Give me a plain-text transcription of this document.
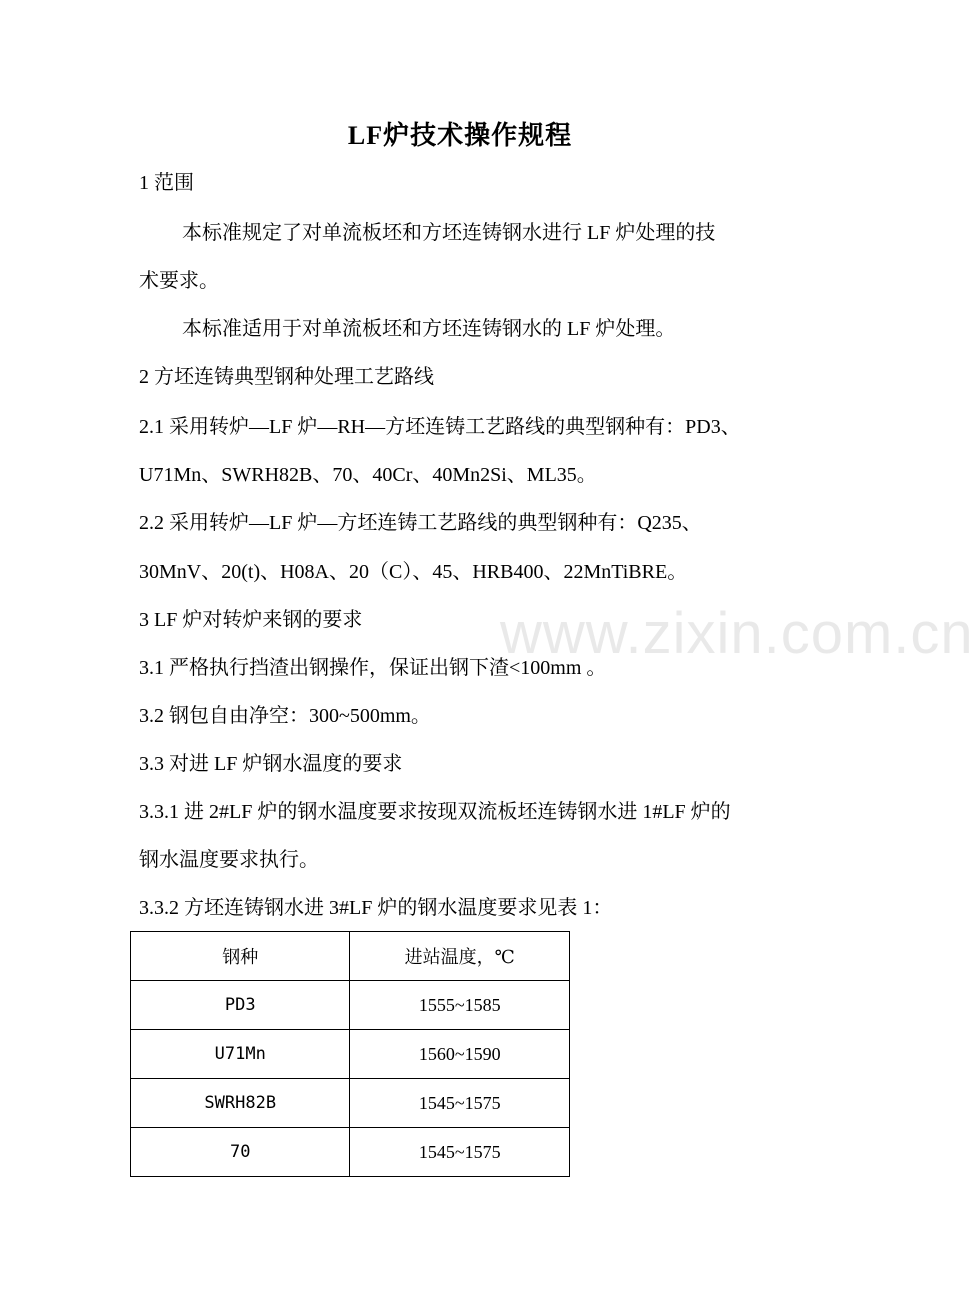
LF炉技术操作规程
1 范围
本标准规定了对单流板坯和方坯连铸钢水进行 LF 炉处理的技
术要求。
本标准适用于对单流板坯和方坯连铸钢水的 LF 炉处理。
2 方坯连铸典型钢种处理工艺路线
2.1 采用转炉—LF 炉—RH—方坯连铸工艺路线的典型钢种有：PD3、
U71Mn、SWRH82B、70、40Cr、40Mn2Si、ML35。
2.2 采用转炉—LF 炉—方坯连铸工艺路线的典型钢种有：Q235、
30MnV、20(t)、H08A、20（C）、45、HRB400、22MnTiBRE。
3 LF 炉对转炉来钢的要求
3.1 严格执行挡渣出钢操作，保证出钢下渣<100mm 。
3.2 钢包自由净空：300~500mm。
3.3 对进 LF 炉钢水温度的要求
3.3.1 进 2#LF 炉的钢水温度要求按现双流板坯连铸钢水进 1#LF 炉的
钢水温度要求执行。
3.3.2 方坯连铸钢水进 3#LF 炉的钢水温度要求见表 1：
钢种	进站温度，℃
PD3	1555~1585
U71Mn	1560~1590
SWRH82B	1545~1575
70	1545~1575
www.zixin.com.cn
